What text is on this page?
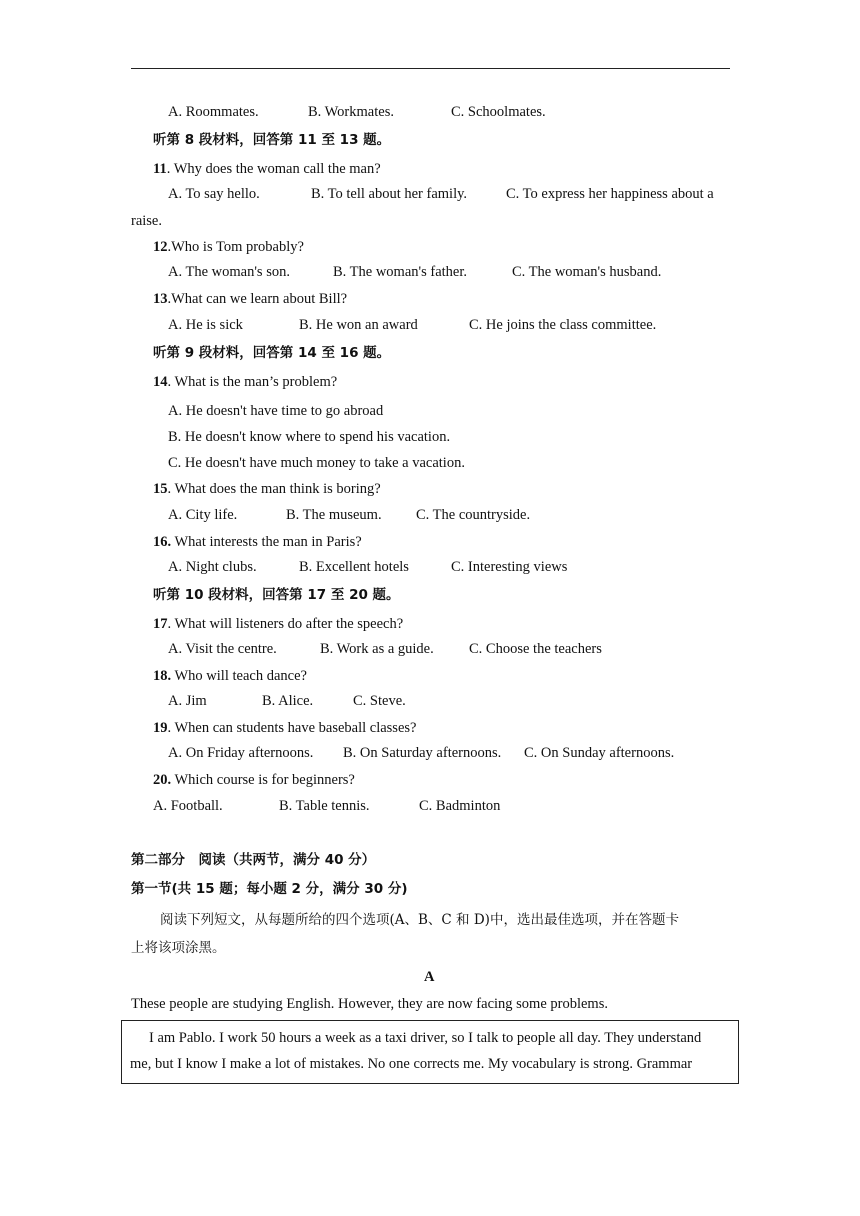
A. Roommates.	B. Workmates.	C. Schoolmates.
听第 8 段材料，回答第 11 至 13 题。
11. Why does the woman call the man?
A. To say hello.	B. To tell about her family.	C. To express her happiness about a
raise.
12.Who is Tom probably?
A. The woman's son.	B. The woman's father.	C. The woman's husband.
13.What can we learn about Bill?
A. He is sick	B. He won an award	C. He joins the class committee.
听第 9 段材料，回答第 14 至 16 题。
14. What is the man’s problem?
A. He doesn't have time to go abroad
B. He doesn't know where to spend his vacation.
C. He doesn't have much money to take a vacation.
15. What does the man think is boring?
A. City life.	B. The museum. C. The countryside.
16. What interests the man in Paris?
A. Night clubs.	B. Excellent hotels	C. Interesting views
听第 10 段材料，回答第 17 至 20 题。
17. What will listeners do after the speech?
A. Visit the centre.	B. Work as a guide. C. Choose the teachers
18. Who will teach dance?
A. Jim	B. Alice.	C. Steve.
19. When can students have baseball classes?
A. On Friday afternoons. B. On Saturday afternoons. C. On Sunday afternoons.
20. Which course is for beginners?
A. Football.	B. Table tennis.	C. Badminton
第二部分　阅读（共两节，满分 40 分）
第一节(共 15 题；每小题 2 分，满分 30 分)
阅读下列短文，从每题所给的四个选项(A、B、C 和 D)中，选出最佳选项，并在答题卡
上将该项涂黑。
A
These people are studying English. However, they are now facing some problems.
I am Pablo. I work 50 hours a week as a taxi driver, so I talk to people all day. They understand
me, but I know I make a lot of mistakes. No one corrects me. My vocabulary is strong. Grammar
